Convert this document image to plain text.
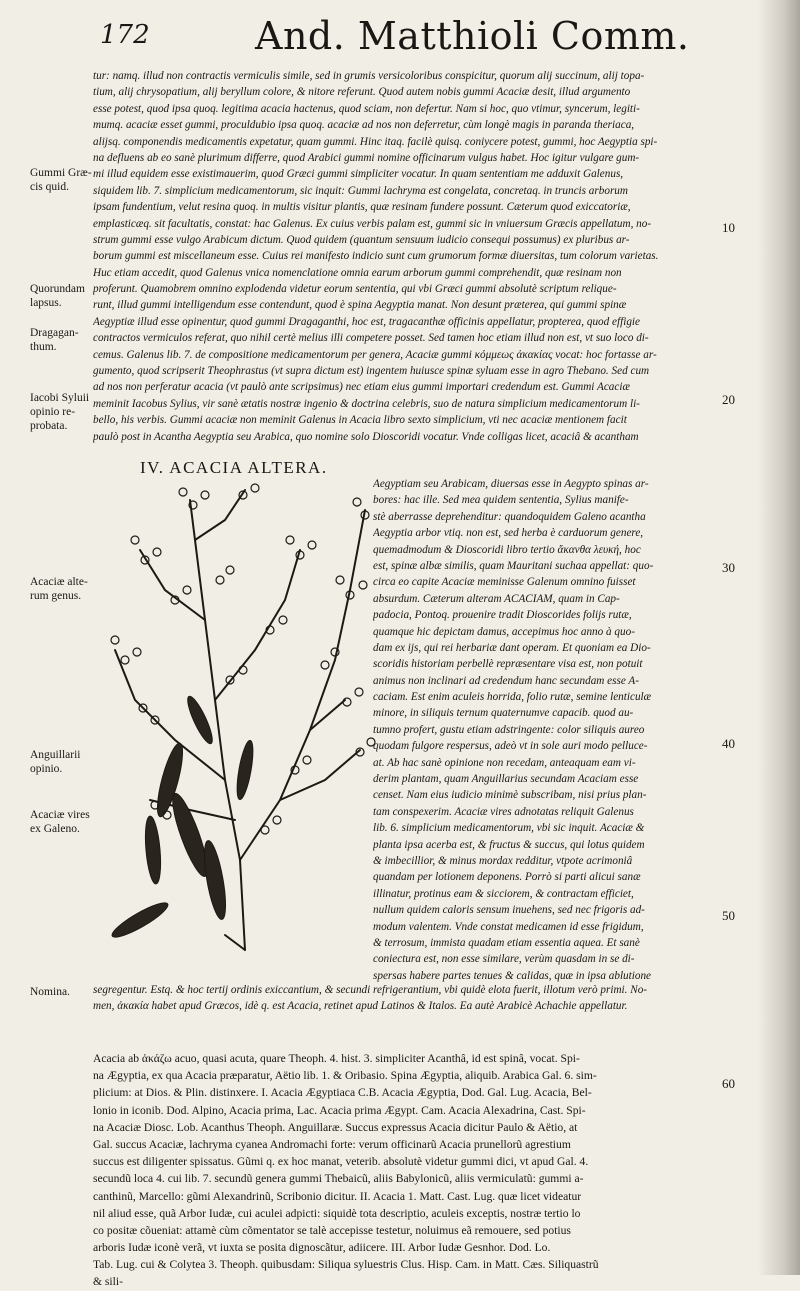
172	And. Matthioli Comm.
tur: namq. illud non contractis vermiculis simile, sed in grumis versicoloribus conspicitur, quorum alij succinum, alij topa-
tium, alij chrysopatium, alij beryllum colore, & nitore referunt. Quod autem nobis gummi Acaciæ desit, illud argumento
esse potest, quod ipsa quoq. legitima acacia hactenus, quod sciam, non defertur. Nam si hoc, quo vtimur, syncerum, legiti-
mumq. acaciæ esset gummi, proculdubio ipsa quoq. acaciæ ad nos non deferretur, cùm longè magis in paranda theriaca,
alijsq. componendis medicamentis expetatur, quam gummi. Hinc itaq. facilè quisq. coniycere potest, gummi, hoc Aegyptia spi-
na defluens ab eo sanè plurimum differre, quod Arabici gummi nomine officinarum vulgus habet. Hoc igitur vulgare gum-
mi illud equidem esse existimauerim, quod Græci gummi simpliciter vocatur. In quam sententiam me adduxit Galenus,
siquidem lib. 7. simplicium medicamentorum, sic inquit: Gummi lachryma est congelata, concretaq. in truncis arborum
ipsam fundentium, velut resina quoq. in multis visitur plantis, quæ resinam fundere possunt. Cæterum quod exiccatoriæ,
emplasticæq. sit facultatis, constat: hac Galenus. Ex cuius verbis palam est, gummi sic in vniuersum Græcis appellatum, no-
strum gummi esse vulgo Arabicum dictum. Quod quidem (quantum sensuum iudicio consequi possumus) ex pluribus ar-
borum gummi est miscellaneum esse. Cuius rei manifesto indicio sunt cum grumorum formæ diuersitas, tum colorum varietas.
Huc etiam accedit, quod Galenus vnica nomenclatione omnia earum arborum gummi comprehendit, quæ resinam non
proferunt. Quamobrem omnino explodenda videtur eorum sententia, qui vbi Græci gummi absolutè scriptum relique-
runt, illud gummi intelligendum esse contendunt, quod è spina Aegyptia manat. Non desunt præterea, qui gummi spinæ
Aegyptiæ illud esse opinentur, quod gummi Dragaganthi, hoc est, tragacanthæ officinis appellatur, propterea, quod effigie
contractos vermiculos referat, quo nihil certè melius illi competere posset. Sed tamen hoc etiam illud non est, vt suo loco di-
cemus. Galenus lib. 7. de compositione medicamentorum per genera, Acaciæ gummi κόμμεως ἀκακίας vocat: hoc fortasse ar-
gumento, quod scripserit Theophrastus (vt supra dictum est) ingentem huiusce spinæ syluam esse in agro Thebano. Sed cum
ad nos non perferatur acacia (vt paulò ante scripsimus) nec etiam eius gummi importari credendum est. Gummi Acaciæ
meminit Iacobus Sylius, vir sanè ætatis nostræ ingenio & doctrina celebris, suo de natura simplicium medicamentorum li-
bello, his verbis. Gummi acaciæ non meminit Galenus in Acacia libro sexto simplicium, vti nec acaciæ mentionem facit
paulò post in Acantha Aegyptia seu Arabica, quo nomine solo Dioscoridi vocatur. Vnde colligas licet, acaciâ & acantham
IV. ACACIA ALTERA.
Aegyptiam seu Arabicam, diuersas esse in Aegypto spinas ar-
bores: hac ille. Sed mea quidem sententia, Sylius manife-
stè aberrasse deprehenditur: quandoquidem Galeno acantha
Aegyptia arbor vtiq. non est, sed herba è carduorum genere,
quemadmodum & Dioscoridi libro tertio ἄκανθα λευκή, hoc
est, spinæ albæ similis, quam Mauritani suchaa appellat: quo-
circa eo capite Acaciæ meminisse Galenum omnino fuisset
absurdum. Cæterum alteram ACACIAM, quam in Cap-
padocia, Pontoq. prouenire tradit Dioscorides folijs rutæ,
quamque hic depictam damus, accepimus hoc anno à quo-
dam ex ijs, qui rei herbariæ dant operam. Et quoniam ea Dio-
scoridis historiam perbellè repræsentare visa est, non potuit
animus non inclinari ad credendum hanc secundam esse A-
caciam. Est enim aculeis horrida, folio rutæ, semine lenticulæ
minore, in siliquis ternum quaternumve capacib. quod au-
tumno profert, gustu etiam adstringente: color siliquis aureo
quodam fulgore respersus, adeò vt in sole auri modo pelluce-
at. Ab hac sanè opinione non recedam, anteaquam eam vi-
derim plantam, quam Anguillarius secundam Acaciam esse
censet. Nam eius iudicio minimè subscribam, nisi prius plan-
tam conspexerim. Acaciæ vires adnotatas reliquit Galenus
lib. 6. simplicium medicamentorum, vbi sic inquit. Acaciæ &
planta ipsa acerba est, & fructus & succus, qui lotus quidem
& imbecillior, & minus mordax redditur, vtpote acrimoniâ
quandam per lotionem deponens. Porrò si parti alicui sanæ
illinatur, protinus eam & sicciorem, & contractam efficiet,
nullum quidem caloris sensum inuehens, sed nec frigoris ad-
modum valentem. Vnde constat medicamen id esse frigidum,
& terrosum, immista quadam etiam essentia aquea. Et sanè
coniectura est, non esse similare, verùm quasdam in se di-
spersas habere partes tenues & calidas, quæ in ipsa ablutione
segregentur. Estq. & hoc tertij ordinis exiccantium, & secundi refrigerantium, vbi quidè elota fuerit, illotum verò primi. No-
men, ἀκακία habet apud Græcos, idè q. est Acacia, retinet apud Latinos & Italos. Ea autè Arabicè Achachie appellatur.
Acacia ab ἀκάζω acuo, quasi acuta, quare Theoph. 4. hist. 3. simpliciter Acanthâ, id est spinâ, vocat. Spi-
na Ægyptia, ex qua Acacia præparatur, Aëtio lib. 1. & Oribasio. Spina Ægyptia, aliquib. Arabica Gal. 6. sim-
plicium: at Dios. & Plin. distinxere. I. Acacia Ægyptiaca C.B. Acacia Ægyptia, Dod. Gal. Lug. Acacia, Bel-
lonio in iconib. Dod. Alpino, Acacia prima, Lac. Acacia prima Ægypt. Cam. Acacia Alexadrina, Cast. Spi-
na Acaciæ Diosc. Lob. Acanthus Theoph. Anguillaræ. Succus expressus Acacia dicitur Paulo & Aëtio, at
Gal. succus Acaciæ, lachryma cyanea Andromachi forte: verum officinarũ Acacia prunellorũ agrestium
succus est diligenter spissatus. Gũmi q. ex hoc manat, veterib. absolutè videtur gummi dici, vt apud Gal. 4.
secundũ loca 4. cui lib. 7. secundũ genera gummi Thebaicũ, aliis Babylonicũ, aliis vermiculatũ: gummi a-
canthinũ, Marcello: gũmi Alexandrinũ, Scribonio dicitur. II. Acacia 1. Matt. Cast. Lug. quæ licet videatur
nil aliud esse, quã Arbor Iudæ, cui aculei adpicti: siquidè tota descriptio, aculeis exceptis, nostræ tertio lo
co positæ cõueniat: attamè cùm cõmentator se talè accepisse testetur, noluimus eã remouere, sed potius
arboris Iudæ iconè verã, vt iuxta se posita dignoscãtur, adiicere. III. Arbor Iudæ Gesnhor. Dod. Lo.
Tab. Lug. cui & Colytea 3. Theoph. quibusdam: Siliqua syluestris Clus. Hisp. Cam. in Matt. Cæs. Siliquastrũ
& sili-
Gummi Græ-
cis quid.
Quorundam
lapsus.
Dragagan-
thum.
Iacobi Syluii
opinio re-
probata.
Acaciæ alte-
rum genus.
Anguillarii
opinio.
Acaciæ vires
ex Galeno.
Nomina.
10
20
30
40
50
60
